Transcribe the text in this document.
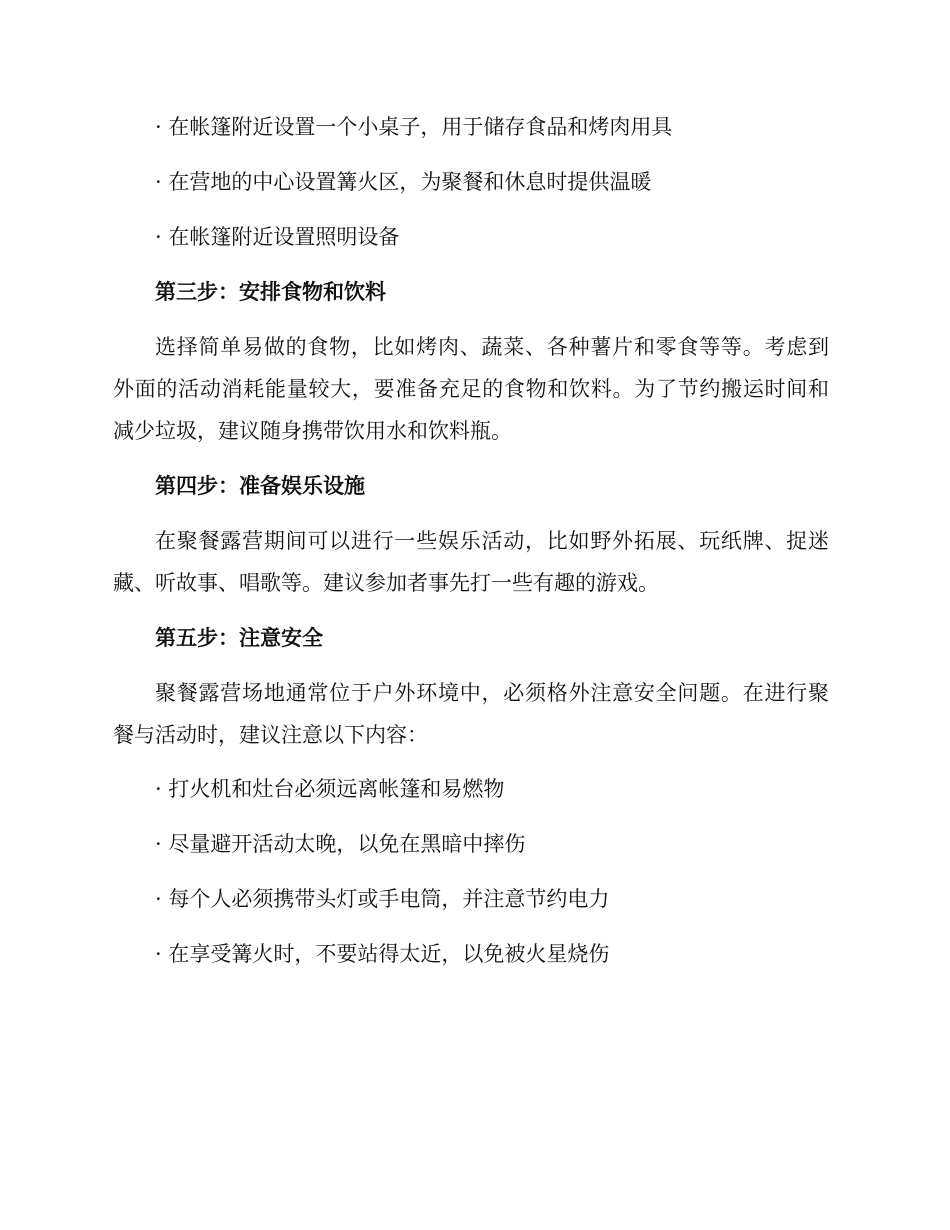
· 在帐篷附近设置一个小桌子，用于储存食品和烤肉用具
· 在营地的中心设置篝火区，为聚餐和休息时提供温暖
· 在帐篷附近设置照明设备
第三步：安排食物和饮料
选择简单易做的食物，比如烤肉、蔬菜、各种薯片和零食等等。考虑到
外面的活动消耗能量较大，要准备充足的食物和饮料。为了节约搬运时间和
减少垃圾，建议随身携带饮用水和饮料瓶。
第四步：准备娱乐设施
在聚餐露营期间可以进行一些娱乐活动，比如野外拓展、玩纸牌、捉迷
藏、听故事、唱歌等。建议参加者事先打一些有趣的游戏。
第五步：注意安全
聚餐露营场地通常位于户外环境中，必须格外注意安全问题。在进行聚
餐与活动时，建议注意以下内容：
· 打火机和灶台必须远离帐篷和易燃物
· 尽量避开活动太晚，以免在黑暗中摔伤
· 每个人必须携带头灯或手电筒，并注意节约电力
· 在享受篝火时，不要站得太近，以免被火星烧伤
